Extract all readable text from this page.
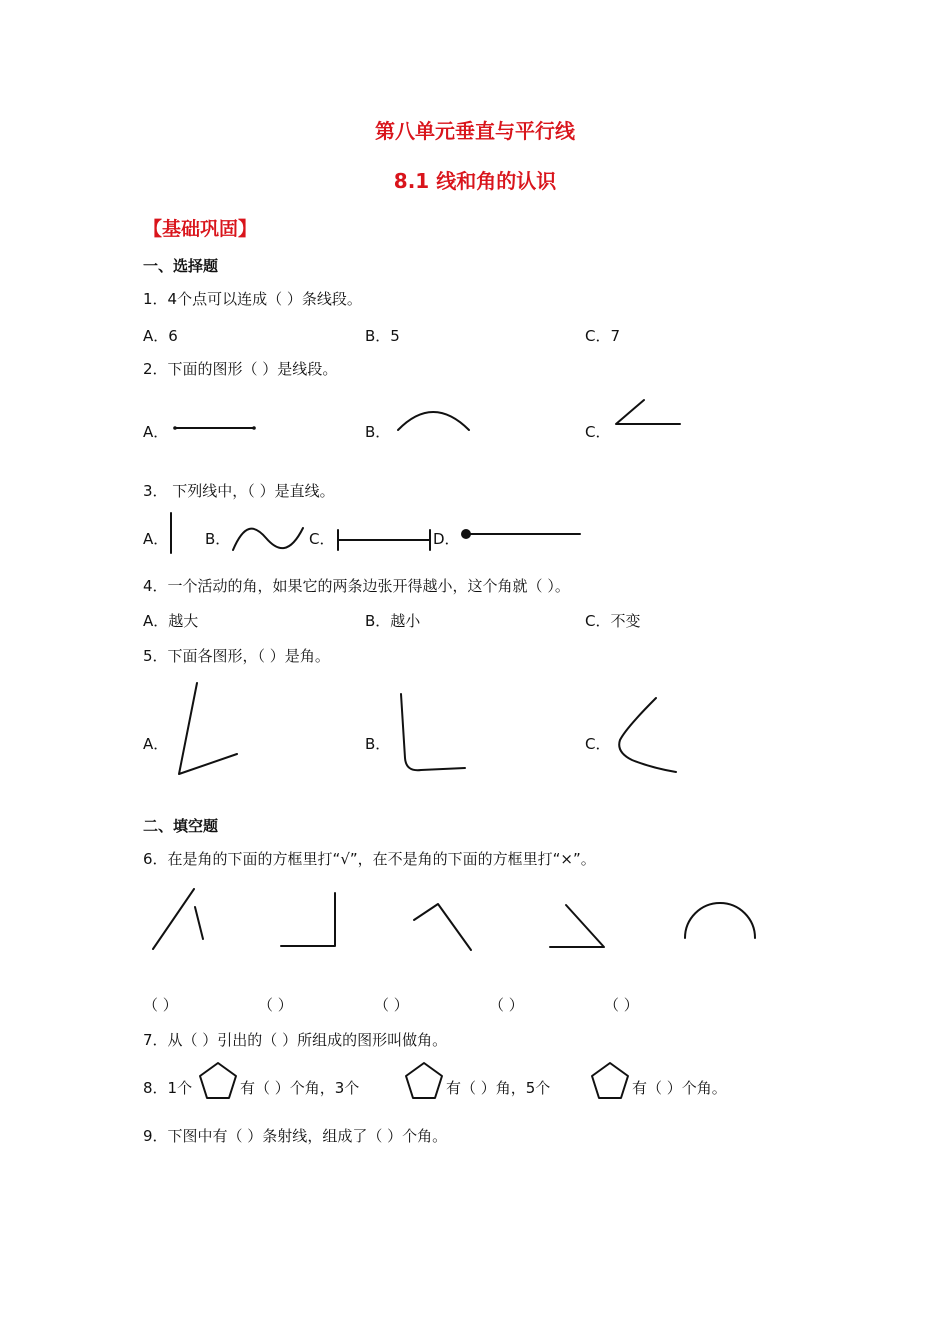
第八单元垂直与平行线
8.1 线和角的认识
【基础巩固】
一、选择题
1．4个点可以连成（ ）条线段。
A．6	B．5	C．7
2．下面的图形（ ）是线段。
A．	B．	C．
3． 下列线中，（ ）是直线。
A． B．	C．	D．
4．一个活动的角，如果它的两条边张开得越小，这个角就（ ）。
A．越大	B．越小	C．不变
5．下面各图形，（ ）是角。
A．	B．	C．
二、填空题
6．在是角的下面的方框里打“√”，在不是角的下面的方框里打“×”。
（ ）	（ ）	（ ）	（ ）	（ ）
7．从（ ）引出的（ ）所组成的图形叫做角。
8．1个	有（ ）个角，3个	有（ ）角，5个	有（ ）个角。
9．下图中有（ ）条射线，组成了（ ）个角。
